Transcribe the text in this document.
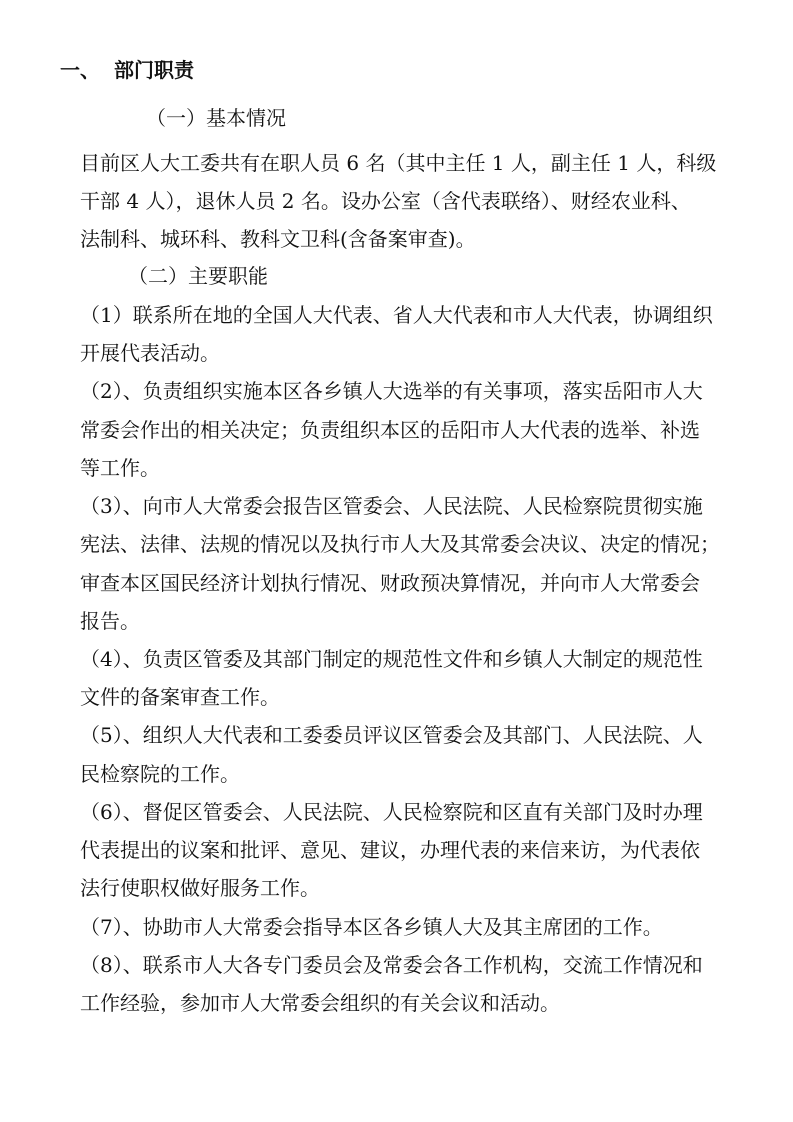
一、 部门职责
（一）基本情况
目前区人大工委共有在职人员 6 名（其中主任 1 人，副主任 1 人，科级
干部 4 人），退休人员 2 名。设办公室（含代表联络）、财经农业科、
法制科、城环科、教科文卫科(含备案审查)。
（二）主要职能
（1）联系所在地的全国人大代表、省人大代表和市人大代表，协调组织
开展代表活动。
（2）、负责组织实施本区各乡镇人大选举的有关事项，落实岳阳市人大
常委会作出的相关决定；负责组织本区的岳阳市人大代表的选举、补选
等工作。
（3）、向市人大常委会报告区管委会、人民法院、人民检察院贯彻实施
宪法、法律、法规的情况以及执行市人大及其常委会决议、决定的情况；
审查本区国民经济计划执行情况、财政预决算情况，并向市人大常委会
报告。
（4）、负责区管委及其部门制定的规范性文件和乡镇人大制定的规范性
文件的备案审查工作。
（5）、组织人大代表和工委委员评议区管委会及其部门、人民法院、人
民检察院的工作。
（6）、督促区管委会、人民法院、人民检察院和区直有关部门及时办理
代表提出的议案和批评、意见、建议，办理代表的来信来访，为代表依
法行使职权做好服务工作。
（7）、协助市人大常委会指导本区各乡镇人大及其主席团的工作。
（8）、联系市人大各专门委员会及常委会各工作机构，交流工作情况和
工作经验，参加市人大常委会组织的有关会议和活动。
